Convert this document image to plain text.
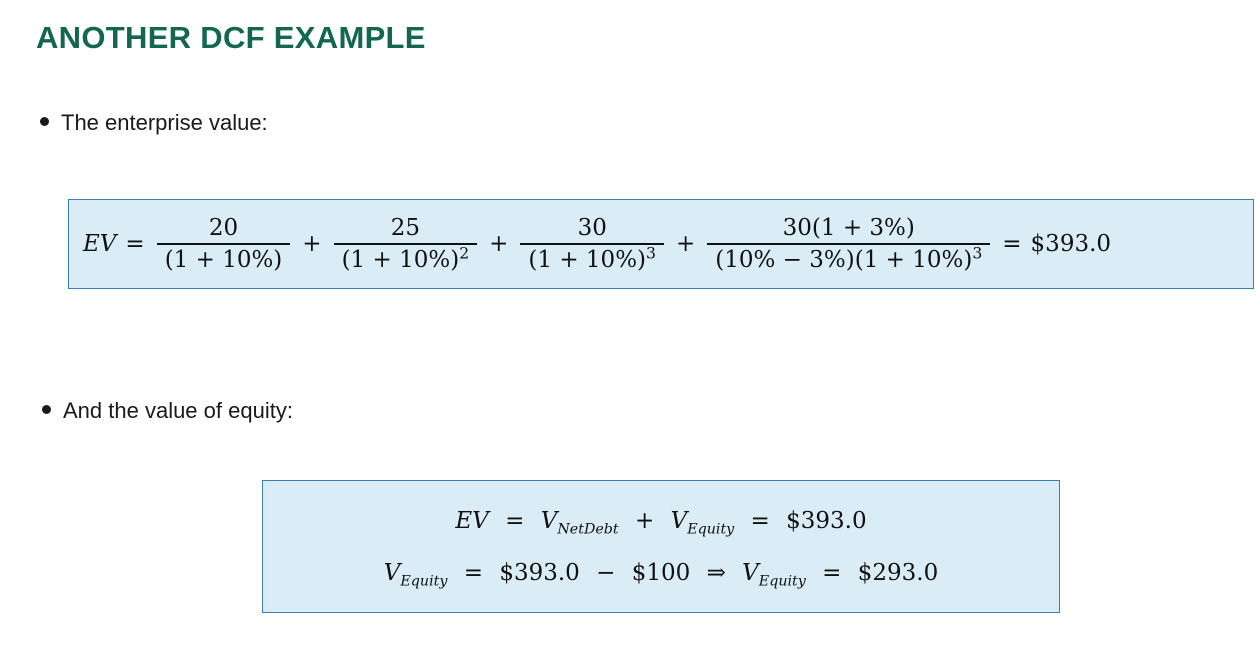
ANOTHER DCF EXAMPLE
The enterprise value:
EV = $\frac{20}{(1 + 10\%)} + \frac{25}{(1 + 10\%)^2} + \frac{30}{(1 + 10\%)^3} + \frac{30(1 + 3\%)}{(10\% - 3\%)(1 + 10\%)^3}$ = $393.0
And the value of equity:
EV = $V_{NetDebt} + V_{Equity}$ = $393.0
$V_{Equity}$ = $393.0 − $100 ⇒ $V_{Equity}$ = $293.0
